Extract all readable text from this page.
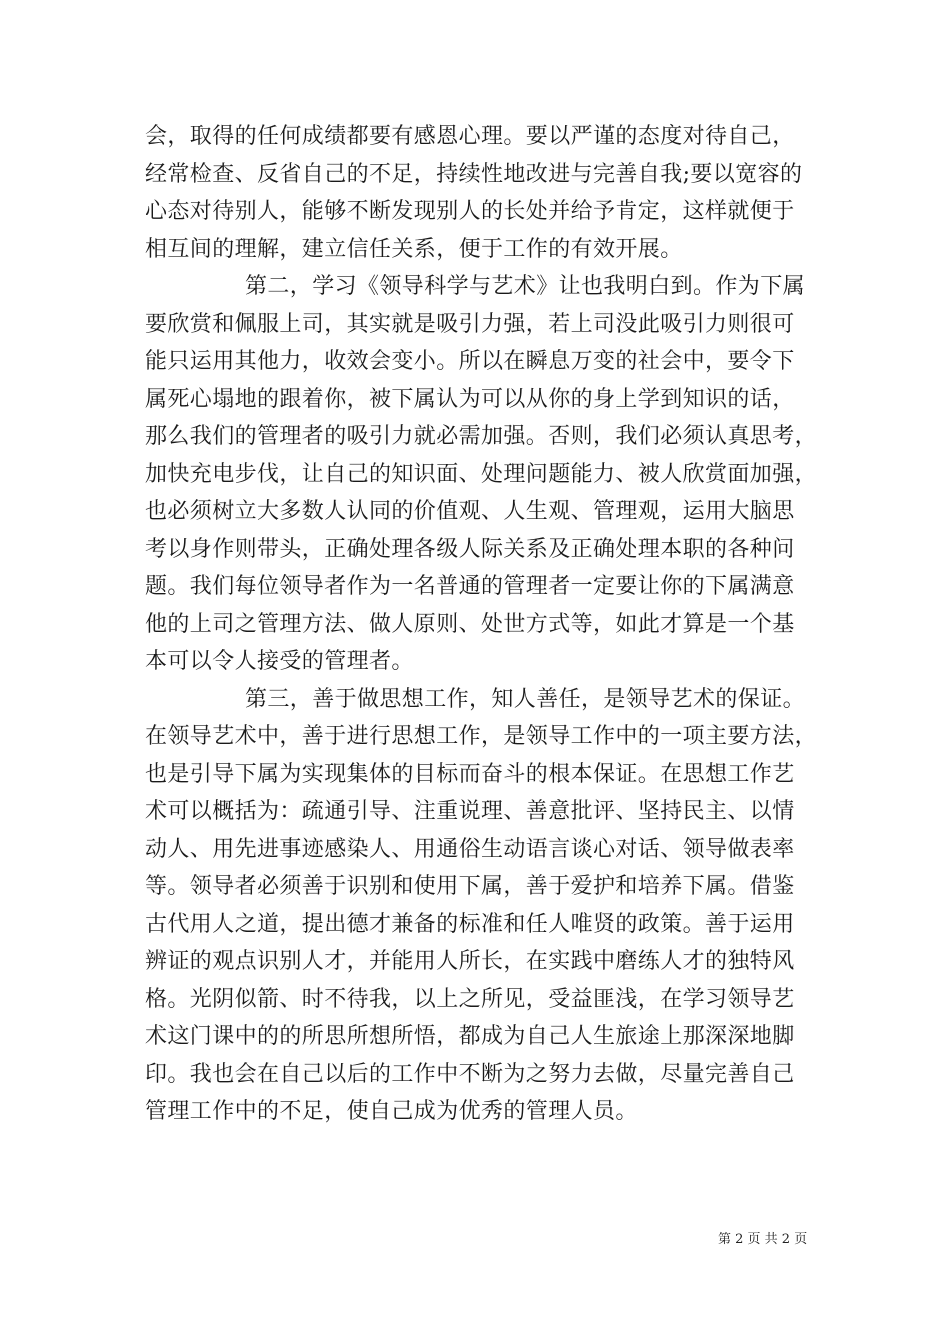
会，取得的任何成绩都要有感恩心理。要以严谨的态度对待自己，
经常检查、反省自己的不足，持续性地改进与完善自我;要以宽容的
心态对待别人，能够不断发现别人的长处并给予肯定，这样就便于
相互间的理解，建立信任关系，便于工作的有效开展。
第二，学习《领导科学与艺术》让也我明白到。作为下属
要欣赏和佩服上司，其实就是吸引力强，若上司没此吸引力则很可
能只运用其他力，收效会变小。所以在瞬息万变的社会中，要令下
属死心塌地的跟着你，被下属认为可以从你的身上学到知识的话，
那么我们的管理者的吸引力就必需加强。否则，我们必须认真思考，
加快充电步伐，让自己的知识面、处理问题能力、被人欣赏面加强，
也必须树立大多数人认同的价值观、人生观、管理观，运用大脑思
考以身作则带头，正确处理各级人际关系及正确处理本职的各种问
题。我们每位领导者作为一名普通的管理者一定要让你的下属满意
他的上司之管理方法、做人原则、处世方式等，如此才算是一个基
本可以令人接受的管理者。
第三，善于做思想工作，知人善任，是领导艺术的保证。
在领导艺术中，善于进行思想工作，是领导工作中的一项主要方法，
也是引导下属为实现集体的目标而奋斗的根本保证。在思想工作艺
术可以概括为：疏通引导、注重说理、善意批评、坚持民主、以情
动人、用先进事迹感染人、用通俗生动语言谈心对话、领导做表率
等。领导者必须善于识别和使用下属，善于爱护和培养下属。借鉴
古代用人之道，提出德才兼备的标准和任人唯贤的政策。善于运用
辨证的观点识别人才，并能用人所长，在实践中磨练人才的独特风
格。光阴似箭、时不待我，以上之所见，受益匪浅，在学习领导艺
术这门课中的的所思所想所悟，都成为自己人生旅途上那深深地脚
印。我也会在自己以后的工作中不断为之努力去做，尽量完善自己
管理工作中的不足，使自己成为优秀的管理人员。
第 2 页 共 2 页
